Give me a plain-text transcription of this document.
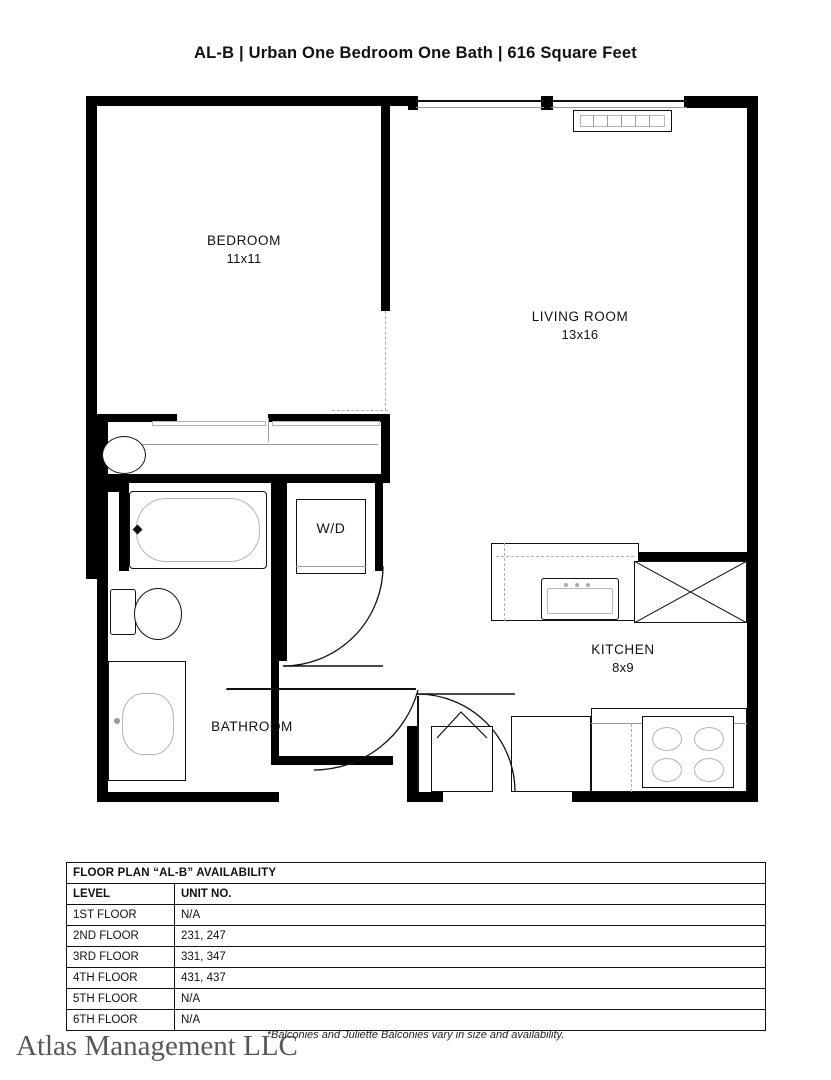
AL-B | Urban One Bedroom One Bath | 616 Square Feet
BEDROOM
11x11
LIVING ROOM
13x16
W/D
KITCHEN
8x9
BATHROOM
FLOOR PLAN “AL-B” AVAILABILITY	
LEVEL	UNIT NO.
1ST FLOOR	N/A
2ND FLOOR	231, 247
3RD FLOOR	331, 347
4TH FLOOR	431, 437
5TH FLOOR	N/A
6TH FLOOR	N/A
*Balconies and Juliette Balconies vary in size and availability.
Atlas Management LLC
